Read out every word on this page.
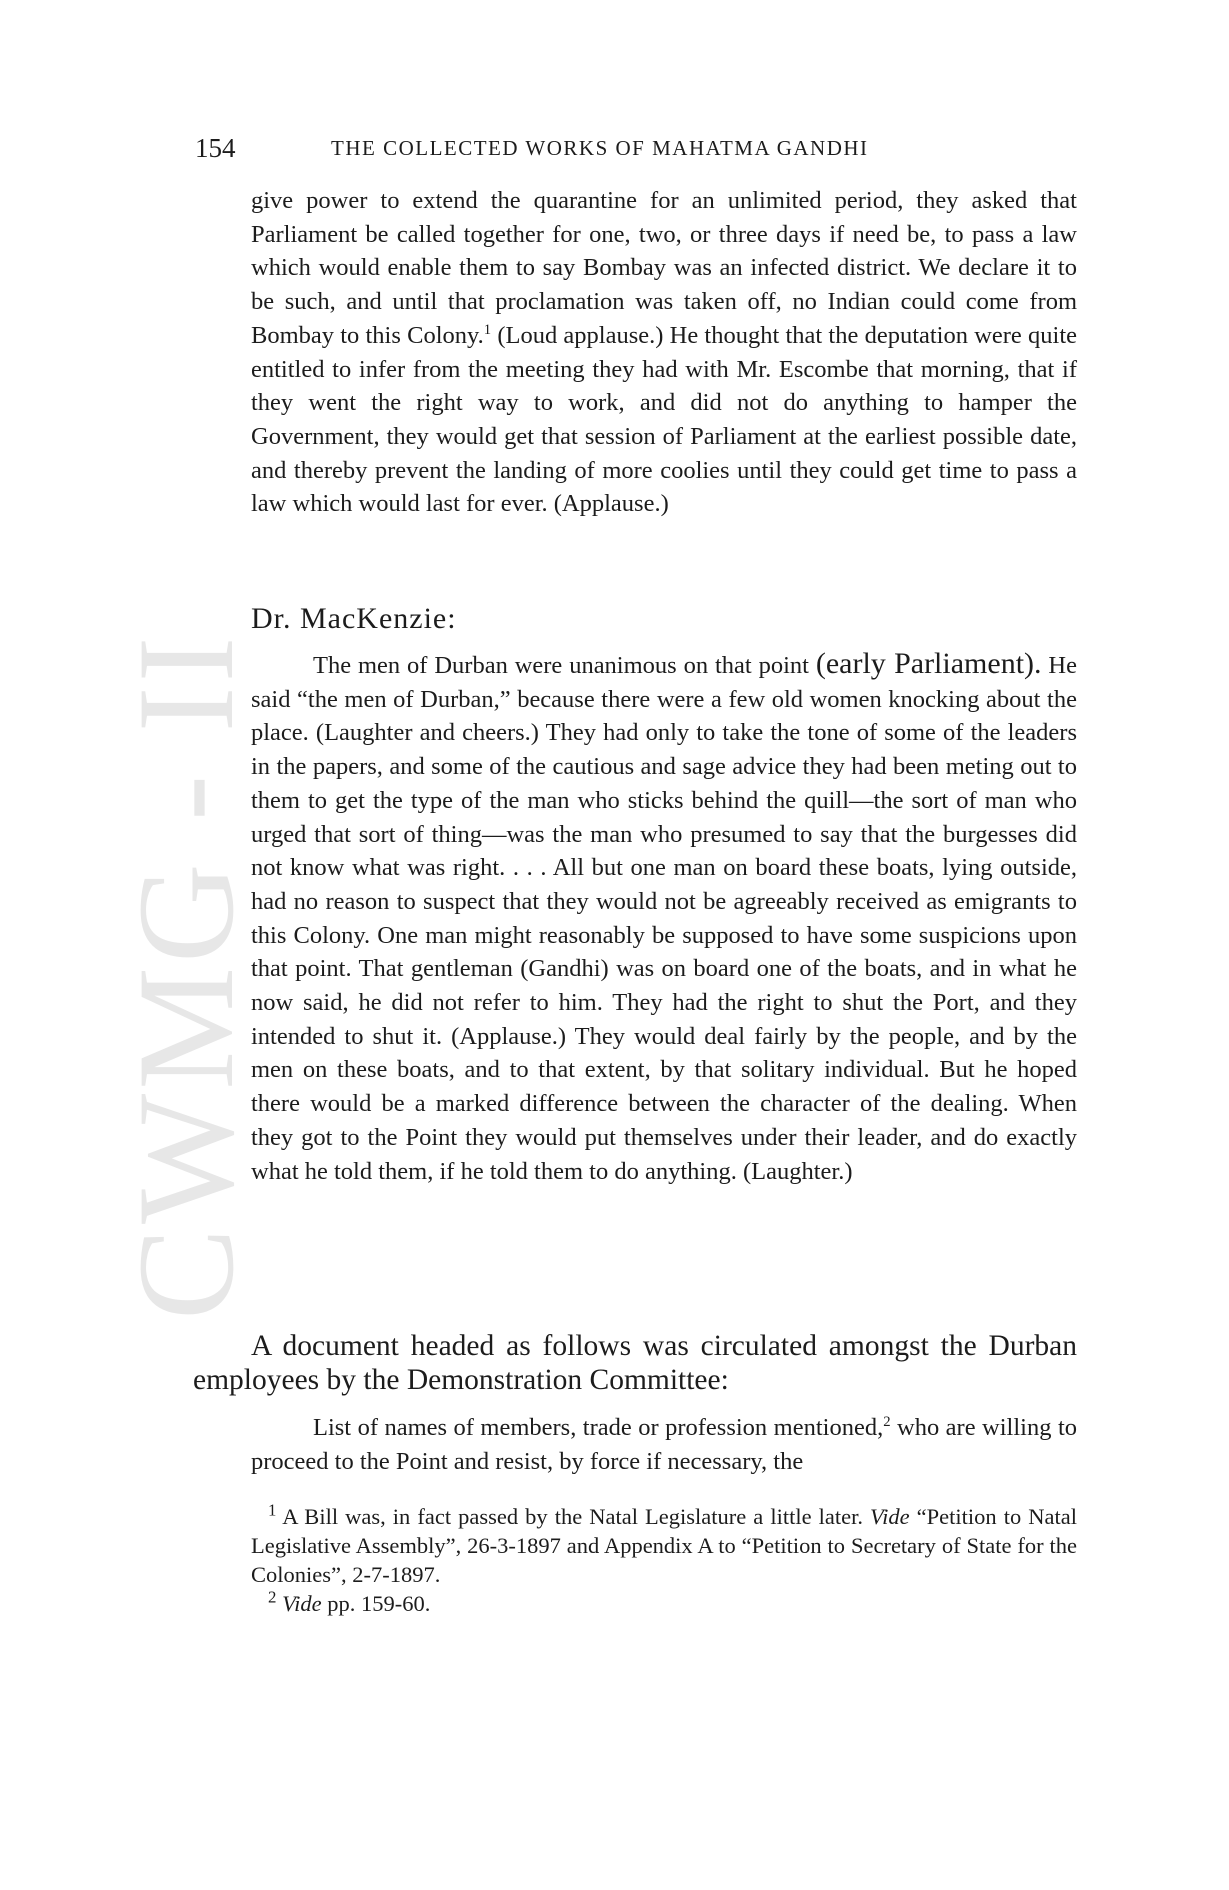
CWMG - II
154	THE COLLECTED WORKS OF MAHATMA GANDHI

give power to extend the quarantine for an unlimited period, they asked that Parliament be called together for one, two, or three days if need be, to pass a law which would enable them to say Bombay was an infected district. We declare it to be such, and until that proclamation was taken off, no Indian could come from Bombay to this Colony.$^1$ (Loud applause.) He thought that the deputation were quite entitled to infer from the meeting they had with Mr. Escombe that morning, that if they went the right way to work, and did not do anything to hamper the Government, they would get that session of Parliament at the earliest possible date, and thereby prevent the landing of more coolies until they could get time to pass a law which would last for ever. (Applause.)

Dr. MacKenzie:

The men of Durban were unanimous on that point (early Parliament). He said “the men of Durban,” because there were a few old women knocking about the place. (Laughter and cheers.) They had only to take the tone of some of the leaders in the papers, and some of the cautious and sage advice they had been meting out to them to get the type of the man who sticks behind the quill—the sort of man who urged that sort of thing—was the man who presumed to say that the burgesses did not know what was right. . . . All but one man on board these boats, lying outside, had no reason to suspect that they would not be agreeably received as emigrants to this Colony. One man might reasonably be supposed to have some suspicions upon that point. That gentleman (Gandhi) was on board one of the boats, and in what he now said, he did not refer to him. They had the right to shut the Port, and they intended to shut it. (Applause.) They would deal fairly by the people, and by the men on these boats, and to that extent, by that solitary individual. But he hoped there would be a marked difference between the character of the dealing. When they got to the Point they would put themselves under their leader, and do exactly what he told them, if he told them to do anything. (Laughter.)

A document headed as follows was circulated amongst the Durban employees by the Demonstration Committee:

List of names of members, trade or profession mentioned,$^2$ who are willing to proceed to the Point and resist, by force if necessary, the

$^1$ A Bill was, in fact passed by the Natal Legislature a little later. Vide “Petition to Natal Legislative Assembly”, 26-3-1897 and Appendix A to “Petition to Secretary of State for the Colonies”, 2-7-1897.

$^2$ Vide pp. 159-60.
